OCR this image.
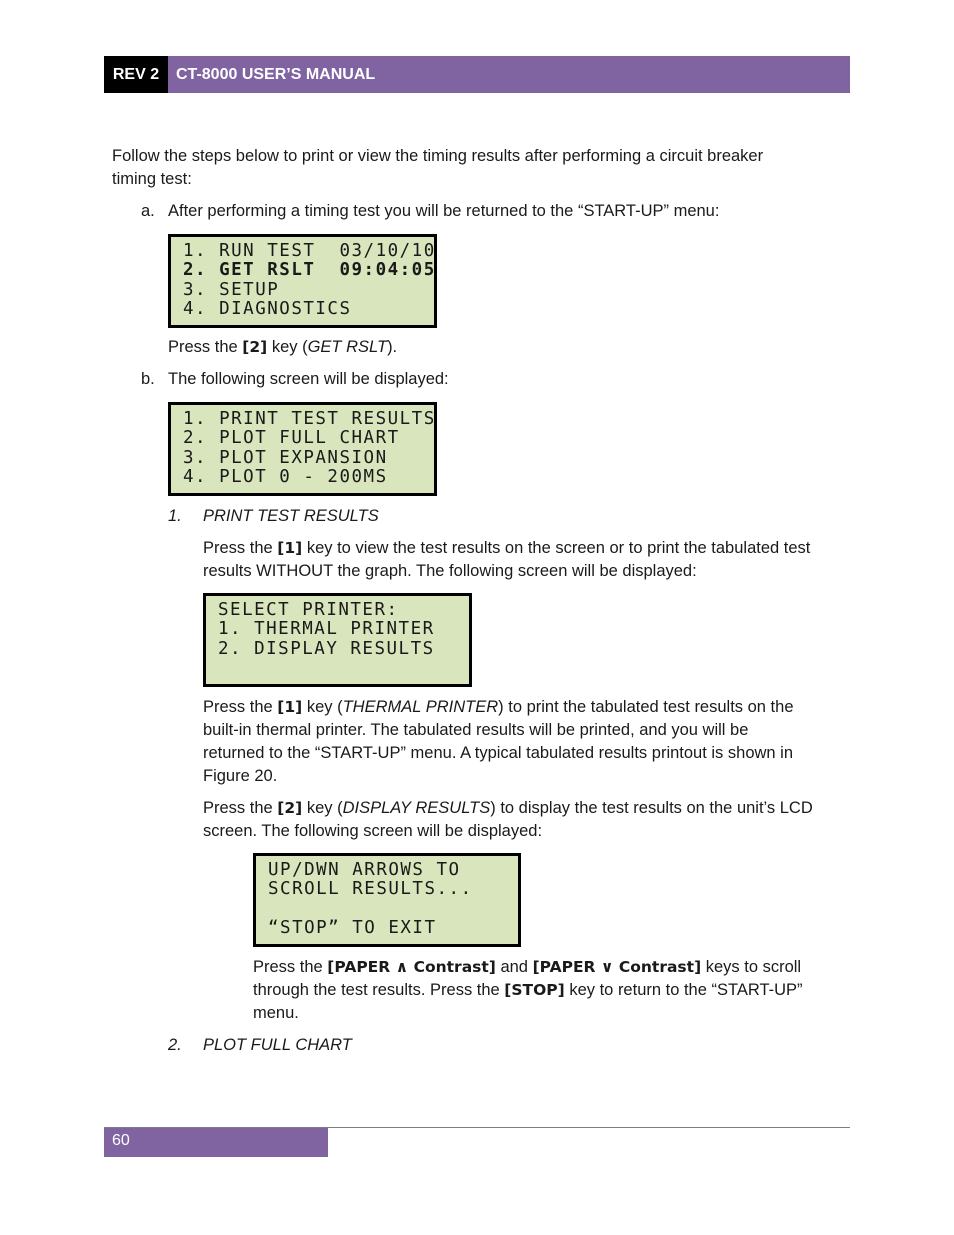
REV 2	CT-8000 USER’S MANUAL

Follow the steps below to print or view the timing results after performing a circuit breaker

timing test:

a. After performing a timing test you will be returned to the “START-UP” menu:
1. RUN TEST  03/10/10
2. GET RSLT  09:04:05
3. SETUP
4. DIAGNOSTICS

Press the [2] key (GET RSLT).

b. The following screen will be displayed:
1. PRINT TEST RESULTS
2. PLOT FULL CHART
3. PLOT EXPANSION
4. PLOT 0 - 200MS
1. PRINT TEST RESULTS

Press the [1] key to view the test results on the screen or to print the tabulated test

results WITHOUT the graph. The following screen will be displayed:

SELECT PRINTER:
1. THERMAL PRINTER
2. DISPLAY RESULTS

Press the [1] key (THERMAL PRINTER) to print the tabulated test results on the

built-in thermal printer. The tabulated results will be printed, and you will be

returned to the “START-UP” menu. A typical tabulated results printout is shown in

Figure 20.

Press the [2] key (DISPLAY RESULTS) to display the test results on the unit’s LCD

screen. The following screen will be displayed:

UP/DWN ARROWS TO
SCROLL RESULTS...
“STOP” TO EXIT

Press the [PAPER ∧ Contrast] and [PAPER ∨ Contrast] keys to scroll

through the test results. Press the [STOP] key to return to the “START-UP”

menu.

2. PLOT FULL CHART
60
